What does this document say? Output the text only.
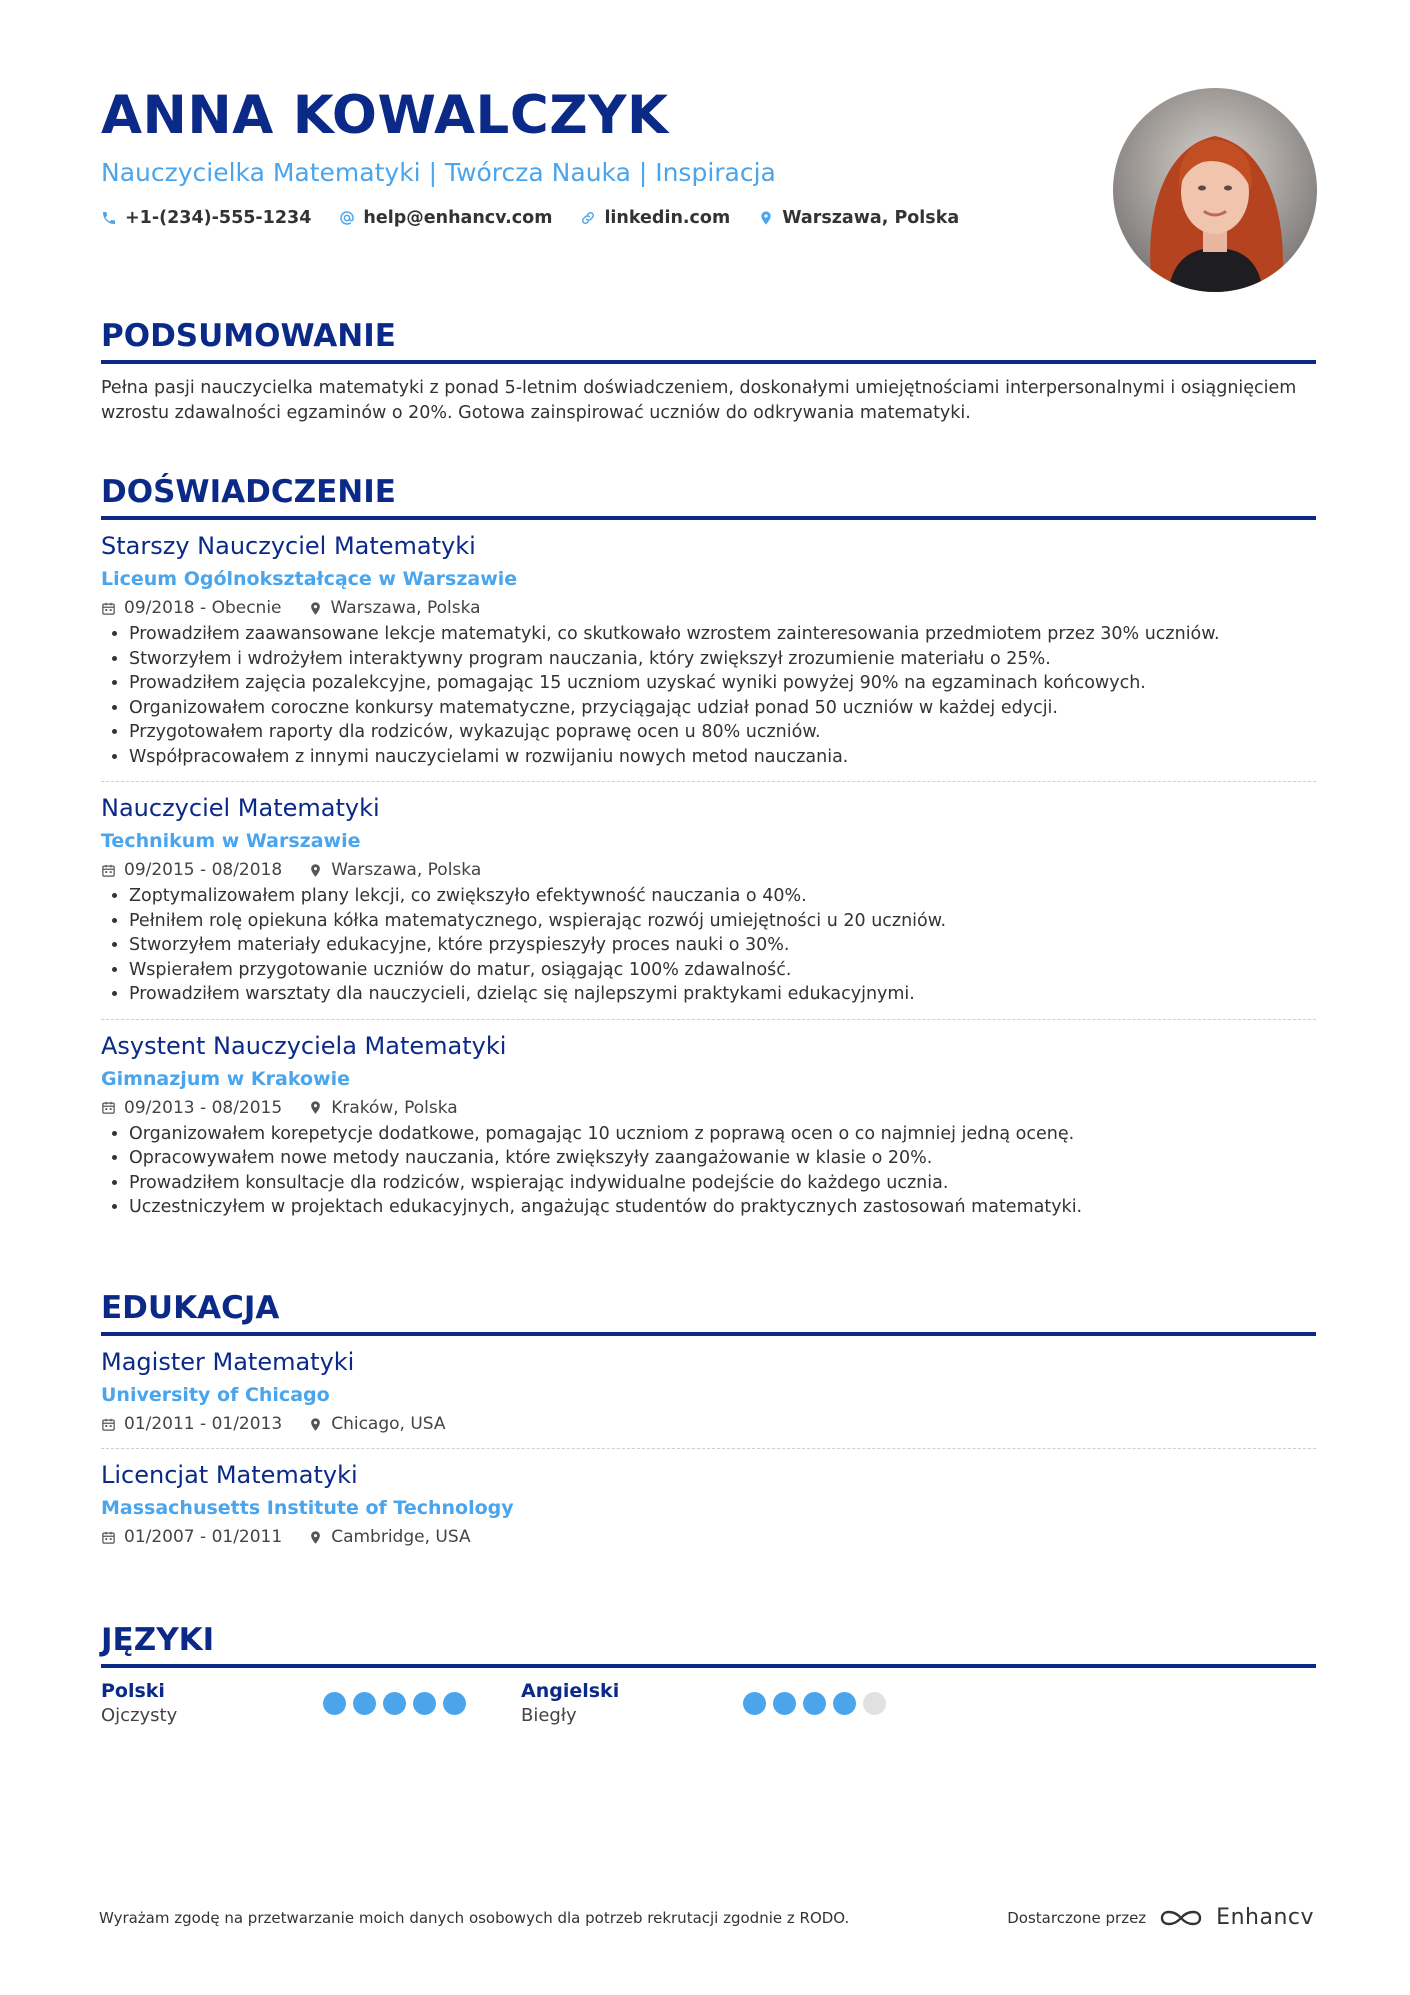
ANNA KOWALCZYK
Nauczycielka Matematyki | Twórcza Nauka | Inspiracja
+1-(234)-555-1234	help@enhancv.com	linkedin.com	Warszawa, Polska
PODSUMOWANIE
Pełna pasji nauczycielka matematyki z ponad 5-letnim doświadczeniem, doskonałymi umiejętnościami interpersonalnymi i osiągnięciem wzrostu zdawalności egzaminów o 20%. Gotowa zainspirować uczniów do odkrywania matematyki.
DOŚWIADCZENIE
Starszy Nauczyciel Matematyki
Liceum Ogólnokształcące w Warszawie
09/2018 - Obecnie	Warszawa, Polska
• Prowadziłem zaawansowane lekcje matematyki, co skutkowało wzrostem zainteresowania przedmiotem przez 30% uczniów.
• Stworzyłem i wdrożyłem interaktywny program nauczania, który zwiększył zrozumienie materiału o 25%.
• Prowadziłem zajęcia pozalekcyjne, pomagając 15 uczniom uzyskać wyniki powyżej 90% na egzaminach końcowych.
• Organizowałem coroczne konkursy matematyczne, przyciągając udział ponad 50 uczniów w każdej edycji.
• Przygotowałem raporty dla rodziców, wykazując poprawę ocen u 80% uczniów.
• Współpracowałem z innymi nauczycielami w rozwijaniu nowych metod nauczania.
Nauczyciel Matematyki
Technikum w Warszawie
09/2015 - 08/2018	Warszawa, Polska
• Zoptymalizowałem plany lekcji, co zwiększyło efektywność nauczania o 40%.
• Pełniłem rolę opiekuna kółka matematycznego, wspierając rozwój umiejętności u 20 uczniów.
• Stworzyłem materiały edukacyjne, które przyspieszyły proces nauki o 30%.
• Wspierałem przygotowanie uczniów do matur, osiągając 100% zdawalność.
• Prowadziłem warsztaty dla nauczycieli, dzieląc się najlepszymi praktykami edukacyjnymi.
Asystent Nauczyciela Matematyki
Gimnazjum w Krakowie
09/2013 - 08/2015	Kraków, Polska
• Organizowałem korepetycje dodatkowe, pomagając 10 uczniom z poprawą ocen o co najmniej jedną ocenę.
• Opracowywałem nowe metody nauczania, które zwiększyły zaangażowanie w klasie o 20%.
• Prowadziłem konsultacje dla rodziców, wspierając indywidualne podejście do każdego ucznia.
• Uczestniczyłem w projektach edukacyjnych, angażując studentów do praktycznych zastosowań matematyki.
EDUKACJA
Magister Matematyki
University of Chicago
01/2011 - 01/2013	Chicago, USA
Licencjat Matematyki
Massachusetts Institute of Technology
01/2007 - 01/2011	Cambridge, USA
JĘZYKI
Polski
Ojczysty
Angielski
Biegły
Wyrażam zgodę na przetwarzanie moich danych osobowych dla potrzeb rekrutacji zgodnie z RODO.	Dostarczone przez	Enhancv
